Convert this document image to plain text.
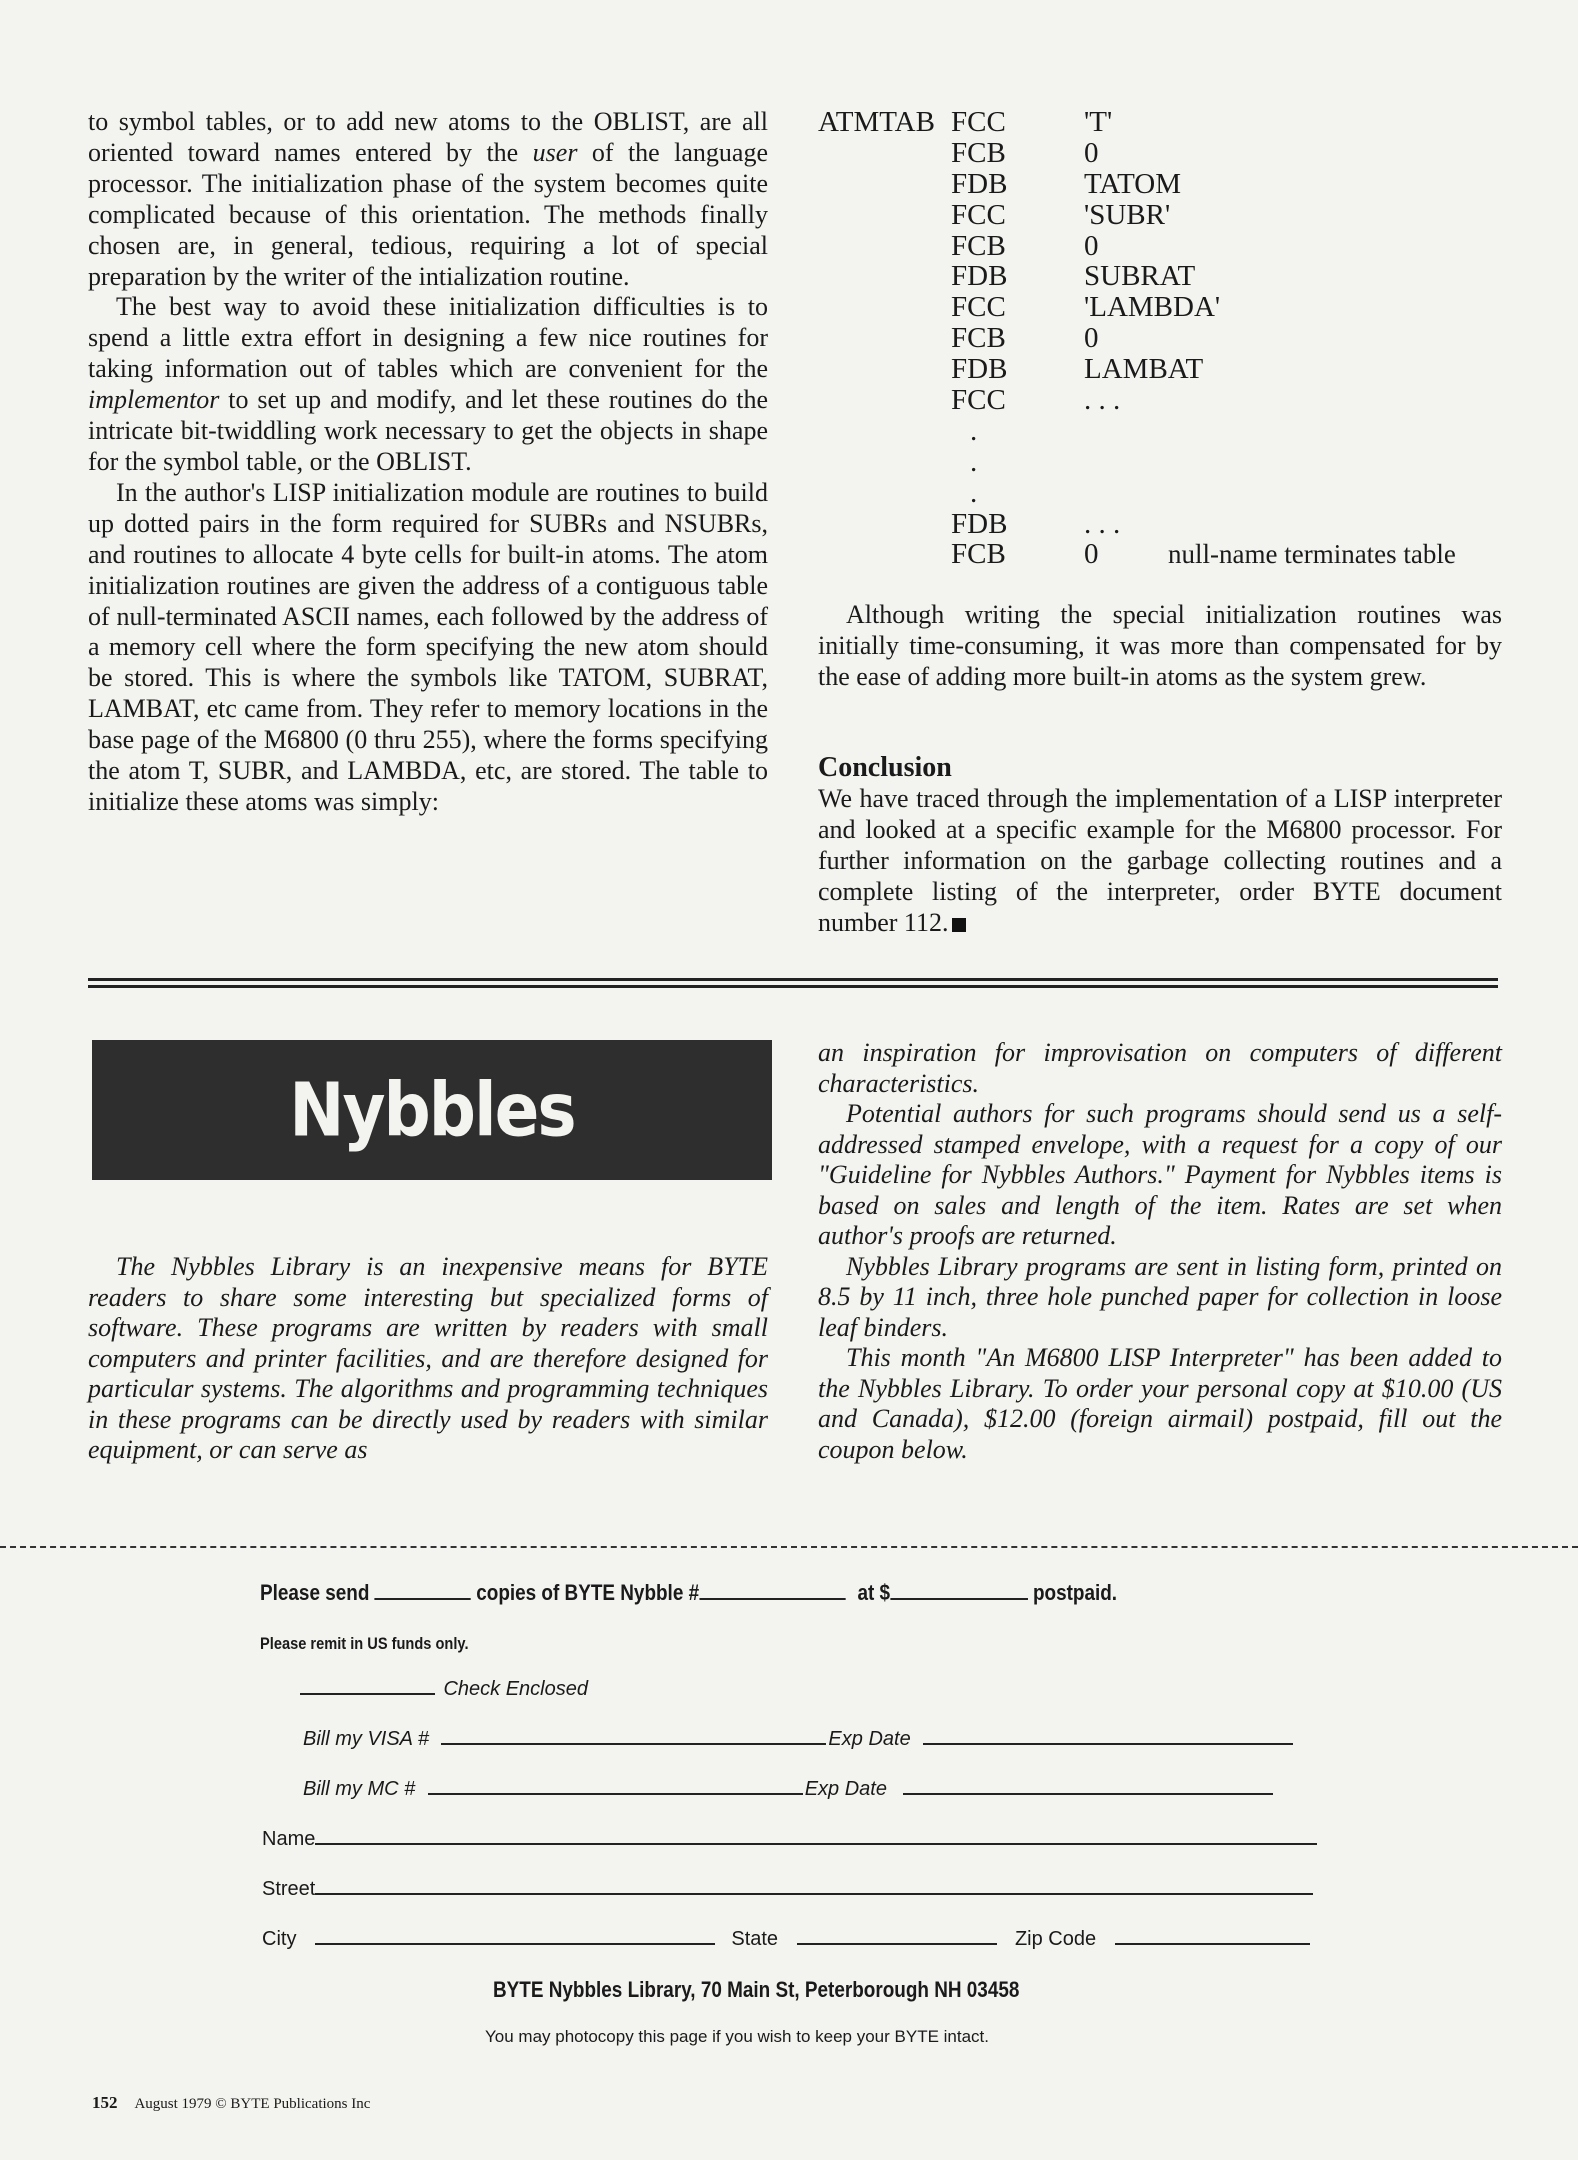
to symbol tables, or to add new atoms to the OBLIST, are all oriented toward names entered by the user of the language processor. The initialization phase of the system becomes quite complicated because of this orientation. The methods finally chosen are, in general, tedious, requiring a lot of special preparation by the writer of the intialization routine.

The best way to avoid these initialization difficulties is to spend a little extra effort in designing a few nice routines for taking information out of tables which are convenient for the implementor to set up and modify, and let these routines do the intricate bit-twiddling work necessary to get the objects in shape for the symbol table, or the OBLIST.

In the author's LISP initialization module are routines to build up dotted pairs in the form required for SUBRs and NSUBRs, and routines to allocate 4 byte cells for built-in atoms. The atom initialization routines are given the address of a contiguous table of null-terminated ASCII names, each followed by the address of a memory cell where the form specifying the new atom should be stored. This is where the symbols like TATOM, SUBRAT, LAMBAT, etc came from. They refer to memory locations in the base page of the M6800 (0 thru 255), where the forms specifying the atom T, SUBR, and LAMBDA, etc, are stored. The table to initialize these atoms was simply:

ATMTAB FCC	'T'
FCB	0
FDB	TATOM
FCC	'SUBR'
FCB	0
FDB	SUBRAT
FCC	'LAMBDA'
FCB	0
FDB	LAMBAT
FCC	. . .
.
.
.
FDB	. . .
FCB	0	null-name terminates table

Although writing the special initialization routines was initially time-consuming, it was more than compensated for by the ease of adding more built-in atoms as the system grew.

Conclusion
We have traced through the implementation of a LISP interpreter and looked at a specific example for the M6800 processor. For further information on the garbage collecting routines and a complete listing of the interpreter, order BYTE document number 112.
Nybbles

The Nybbles Library is an inexpensive means for BYTE readers to share some interesting but specialized forms of software. These programs are written by readers with small computers and printer facilities, and are therefore designed for particular systems. The algorithms and programming techniques in these programs can be directly used by readers with similar equipment, or can serve as

an inspiration for improvisation on computers of different characteristics.

Potential authors for such programs should send us a self-addressed stamped envelope, with a request for a copy of our "Guideline for Nybbles Authors." Payment for Nybbles items is based on sales and length of the item. Rates are set when author's proofs are returned.

Nybbles Library programs are sent in listing form, printed on 8.5 by 11 inch, three hole punched paper for collection in loose leaf binders.

This month "An M6800 LISP Interpreter" has been added to the Nybbles Library. To order your personal copy at $10.00 (US and Canada), $12.00 (foreign airmail) postpaid, fill out the coupon below.

Please send	copies of BYTE Nybble #	at $	postpaid.
Please remit in US funds only.
Check Enclosed
Bill my VISA #	Exp Date
Bill my MC #	Exp Date
Name
Street
City	State	Zip Code
BYTE Nybbles Library, 70 Main St, Peterborough NH 03458
You may photocopy this page if you wish to keep your BYTE intact.
152 August 1979 © BYTE Publications Inc
